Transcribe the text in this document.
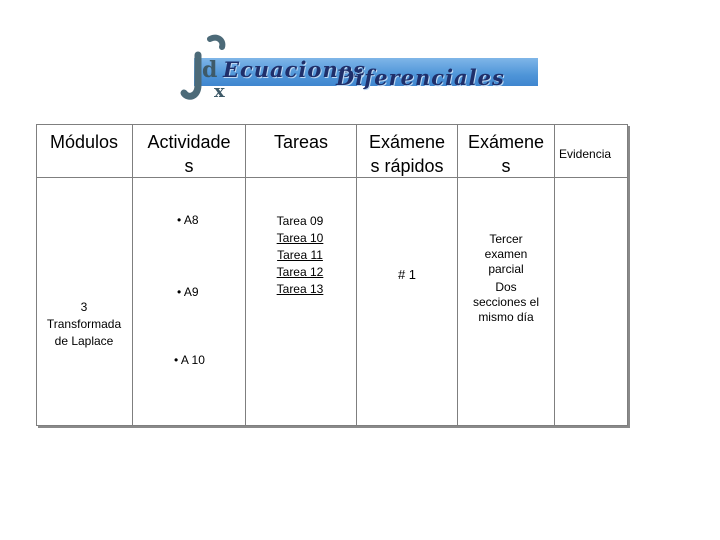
d
x
Ecuaciones
Diferenciales
Módulos	Actividade
s
Tareas	Exámene
s rápidos
Exámene
s
Evidencia
3
Transformada
de Laplace
• A8
• A9
• A 10
Tarea 09
Tarea 10
Tarea 11
Tarea 12
Tarea 13
# 1
Tercer
examen
parcial
Dos
secciones el
mismo día
